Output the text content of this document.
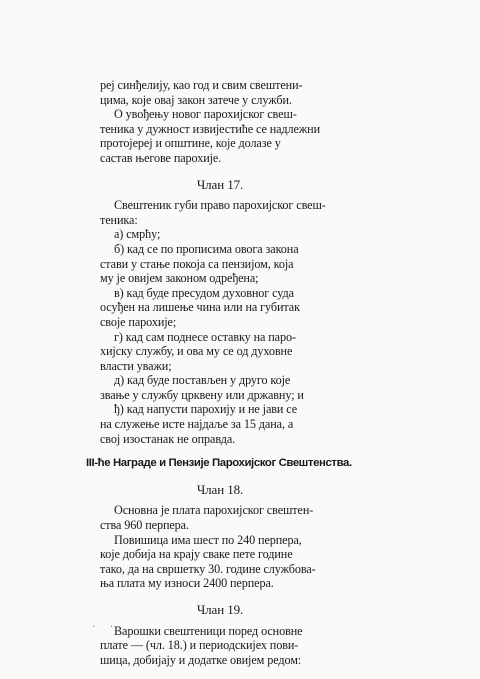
реј синђелију, као год и свим свештени-
цима, које овај закон затече у служби.
О увођењу новог парохијског свеш-
теника у дужност извијестиће се надлежни
протојереј и општине, које долазе у
састав његове парохије.
Члан 17.
Свештеник губи право парохијског свеш-
теника:
а) смрћу;
б) кад се по прописима овога закона
стави у стање покоја са пензијом, која
му је овијем законом одређена;
в) кад буде пресудом духовног суда
осуђен на лишење чина или на губитак
своје парохије;
г) кад сам поднесе оставку на паро-
хијску службу, и ова му се од духовне
власти уважи;
д) кад буде постављен у друго које
звање у службу црквену или државну; и
ђ) кад напусти парохију и не јави се
на служење исте најдаље за 15 дана, а
свој изостанак не оправда.
III-ће Награде и Пензије Парохијског Свештенства.
Члан 18.
Основна је плата парохијског свештен-
ства 960 перпера.
Повишица има шест по 240 перпера,
које добија на крају сваке пете године
тако, да на свршетку 30. године службова-
ња плата му износи 2400 перпера.
Члан 19.
Варошки свештеници поред основне
плате — (чл. 18.) и периодскијех пови-
шица, добијају и додатке овијем редом:
· ·
